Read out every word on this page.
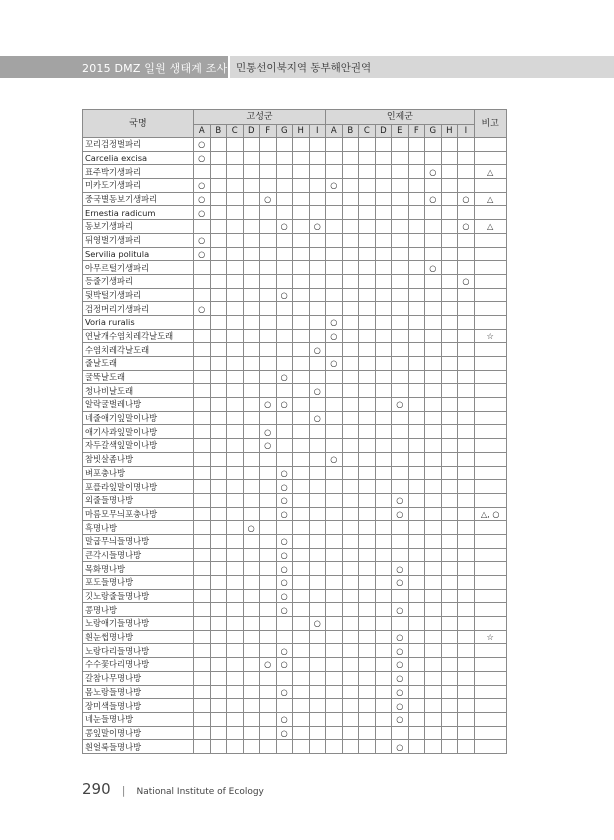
2015 DMZ 일원 생태계 조사 민통선이북지역 동부해안권역
국명	고성군								인제군									비고
	A	B	C	D	F	G	H	I	A	B	C	D	E	F	G	H	I	
꼬리검정벌파리	○																	
Carcelia excisa	○																	
표주박기생파리															○			△
미카도기생파리	○								○									
중국별동보기생파리	○				○										○		○	△
Ernestia radicum	○																	
동보기생파리						○		○									○	△
뒤영벌기생파리	○																	
Servilia politula	○																	
아무르털기생파리															○			
등줄기생파리																	○	
뒷박털기생파리						○												
검정머리기생파리	○																	
Voria ruralis									○									
연날개수염치레각날도래									○									☆
수염치레각날도래								○										
줄날도래									○									
굴뚝날도래						○												
청나비날도래								○										
알락굴벌레나방					○	○							○					
네줄애기잎말이나방								○										
애기사과잎말이나방					○													
자두갈색잎말이나방					○													
참빗살좀나방									○									
벼포충나방						○												
포플라잎말이명나방						○												
외줄들명나방						○							○					
마름모무늬포충나방						○							○					△, ○
흑명나방				○														
말굽무늬들명나방						○												
큰각시들명나방						○												
목화명나방						○							○					
포도들명나방						○							○					
깃노랑줄들명나방						○												
콩명나방						○							○					
노랑애기들명나방								○										
흰눈썹명나방													○					☆
노랑다리들명나방						○							○					
수수꽃다리명나방					○	○							○					
갈참나무명나방													○					
몸노랑들명나방						○							○					
장미색들명나방													○					
네눈들명나방						○							○					
콩잎말이명나방						○												
흰얼룩들명나방													○					
290 | National Institute of Ecology
